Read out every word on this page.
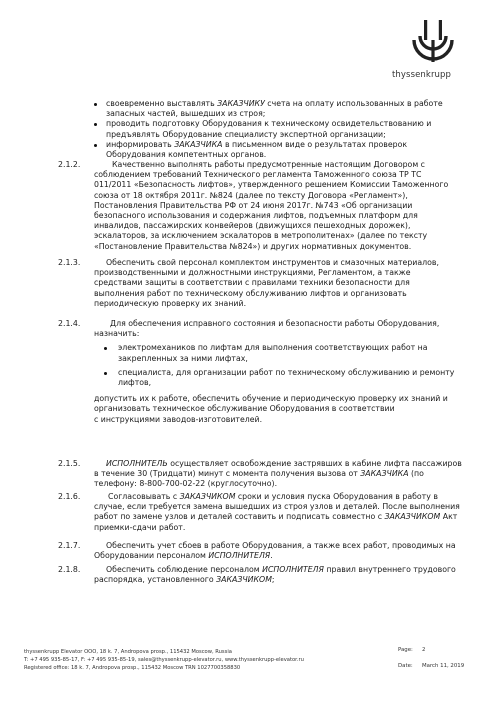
thyssenkrupp
своевременно выставлять ЗАКАЗЧИКУ счета на оплату использованных в работе
запасных частей, вышедших из строя;
проводить подготовку Оборудования к техническому освидетельствованию и
предъявлять Оборудование специалисту экспертной организации;
информировать ЗАКАЗЧИКА в письменном виде о результатах проверок
Оборудования компетентных органов.
2.1.2.	Качественно выполнять работы предусмотренные настоящим Договором с
соблюдением требований Технического регламента Таможенного союза ТР ТС
011/2011 «Безопасность лифтов», утвержденного решением Комиссии Таможенного
союза от 18 октября 2011г. №824 (далее по тексту Договора «Регламент»),
Постановления Правительства РФ от 24 июня 2017г. №743 «Об организации
безопасного использования и содержания лифтов, подъемных платформ для
инвалидов, пассажирских конвейеров (движущихся пешеходных дорожек),
эскалаторов, за исключением эскалаторов в метрополитенах» (далее по тексту
«Постановление Правительства №824») и других нормативных документов.
2.1.3.	Обеспечить свой персонал комплектом инструментов и смазочных материалов,
производственными и должностными инструкциями, Регламентом, а также
средствами защиты в соответствии с правилами техники безопасности для
выполнения работ по техническому обслуживанию лифтов и организовать
периодическую проверку их знаний.
2.1.4.	Для обеспечения исправного состояния и безопасности работы Оборудования,
назначить:
электромехаников по лифтам для выполнения соответствующих работ на
закрепленных за ними лифтах,
специалиста, для организации работ по техническому обслуживанию и ремонту
лифтов,
допустить их к работе, обеспечить обучение и периодическую проверку их знаний и
организовать техническое обслуживание Оборудования в соответствии
с инструкциями заводов-изготовителей.
2.1.5.	ИСПОЛНИТЕЛЬ осуществляет освобождение застрявших в кабине лифта пассажиров
в течение 30 (Тридцати) минут с момента получения вызова от ЗАКАЗЧИКА (по
телефону: 8-800-700-02-22 (круглосуточно).
2.1.6.	Согласовывать с ЗАКАЗЧИКОМ сроки и условия пуска Оборудования в работу в
случае, если требуется замена вышедших из строя узлов и деталей. После выполнения
работ по замене узлов и деталей составить и подписать совместно с ЗАКАЗЧИКОМ Акт
приемки-сдачи работ.
2.1.7.	Обеспечить учет сбоев в работе Оборудования, а также всех работ, проводимых на
Оборудовании персоналом ИСПОЛНИТЕЛЯ.
2.1.8.	Обеспечить соблюдение персоналом ИСПОЛНИТЕЛЯ правил внутреннего трудового
распорядка, установленного ЗАКАЗЧИКОМ;
thyssenkrupp Elevator OOO, 18 k. 7, Andropova prosp., 115432 Moscow, Russia
T: +7 495 935-85-17, F: +7 495 935-85-19, sales@thyssenkrupp-elevator.ru, www.thyssenkrupp-elevator.ru
Registered office: 18 k. 7, Andropova prosp., 115432 Moscow TRN 1027700358830
Page: 2
Date: March 11, 2019
